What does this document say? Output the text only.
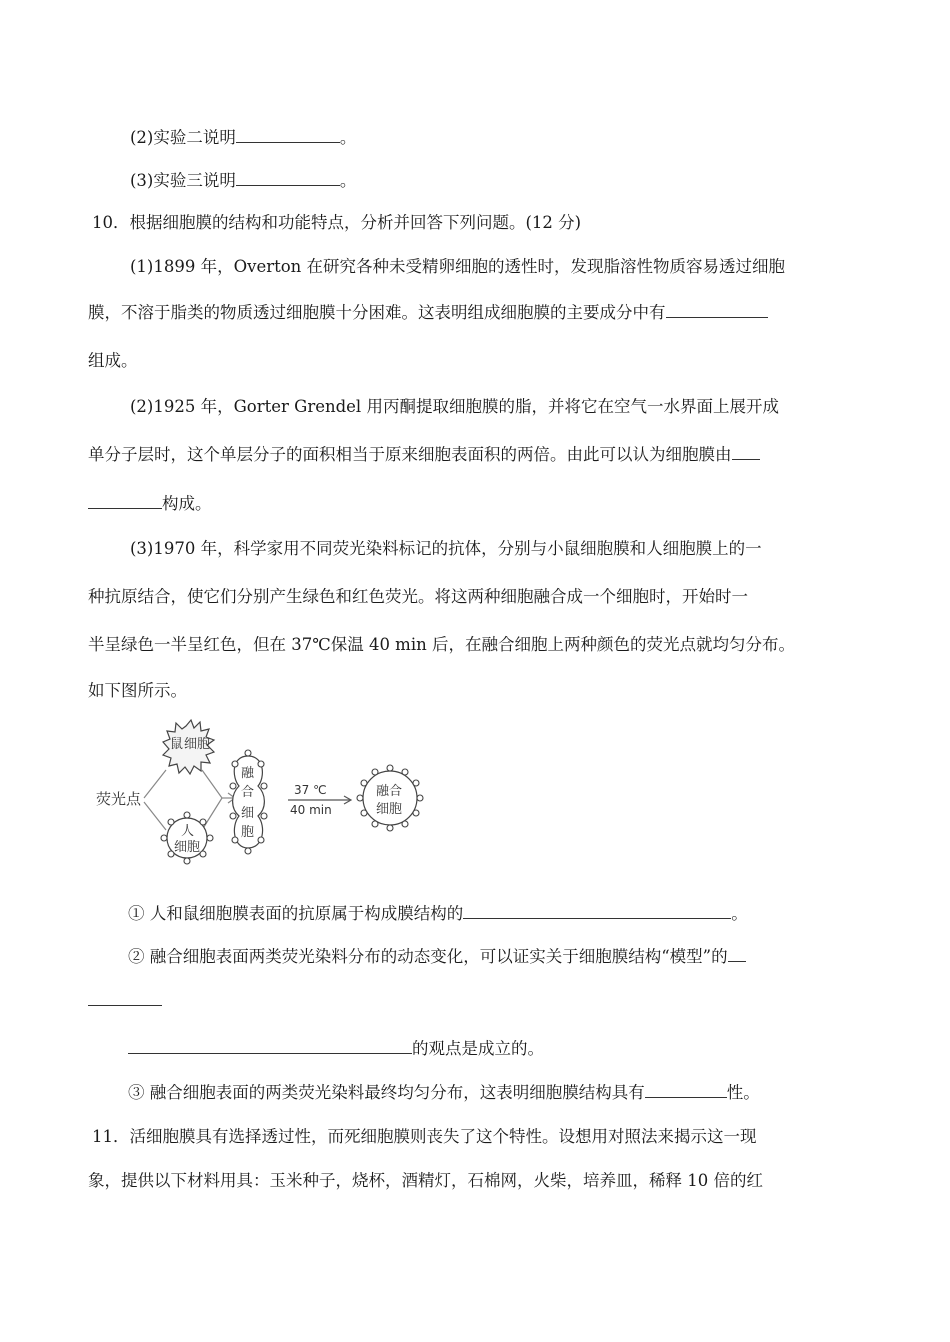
(2)实验二说明	。
(3)实验三说明	。
10．根据细胞膜的结构和功能特点，分析并回答下列问题。(12 分)
(1)1899 年，Overton 在研究各种未受精卵细胞的透性时，发现脂溶性物质容易透过细胞
膜，不溶于脂类的物质透过细胞膜十分困难。这表明组成细胞膜的主要成分中有
组成。
(2)1925 年，Gorter Grendel 用丙酮提取细胞膜的脂，并将它在空气一水界面上展开成
单分子层时，这个单层分子的面积相当于原来细胞表面积的两倍。由此可以认为细胞膜由
构成。
(3)1970 年，科学家用不同荧光染料标记的抗体，分别与小鼠细胞膜和人细胞膜上的一
种抗原结合，使它们分别产生绿色和红色荧光。将这两种细胞融合成一个细胞时，开始时一
半呈绿色一半呈红色，但在 37℃保温 40 min 后，在融合细胞上两种颜色的荧光点就均匀分布。
如下图所示。
荧光点
鼠 细 胞
人
细胞
融
合
细
胞
37 ℃
40 min
融合
细胞
① 人和鼠细胞膜表面的抗原属于构成膜结构的	。
② 融合细胞表面两类荧光染料分布的动态变化，可以证实关于细胞膜结构“模型”的
的观点是成立的。
③ 融合细胞表面的两类荧光染料最终均匀分布，这表明细胞膜结构具有	性。
11．活细胞膜具有选择透过性，而死细胞膜则丧失了这个特性。设想用对照法来揭示这一现
象，提供以下材料用具：玉米种子，烧杯，酒精灯，石棉网，火柴，培养皿，稀释 10 倍的红
